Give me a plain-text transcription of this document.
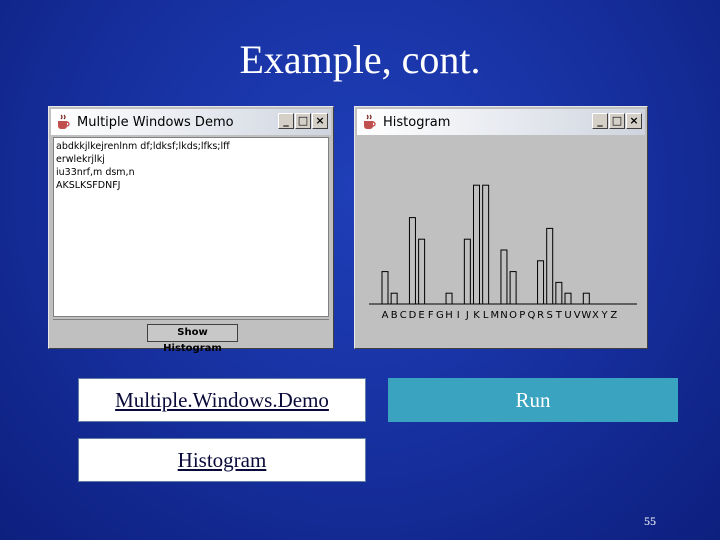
Example, cont.
Multiple Windows Demo	_ □ ×
abdkkjlkejrenlnm df;ldksf;lkds;lfks;lff
erwlekrjlkj
iu33nrf,m dsm,n
AKSLKSFDNFJ
Show Histogram
Histogram	_ □ ×
A B C D E F G H I J K L M N O P Q R S T U V W X Y Z
Multiple.Windows.Demo	Run
Histogram
55
